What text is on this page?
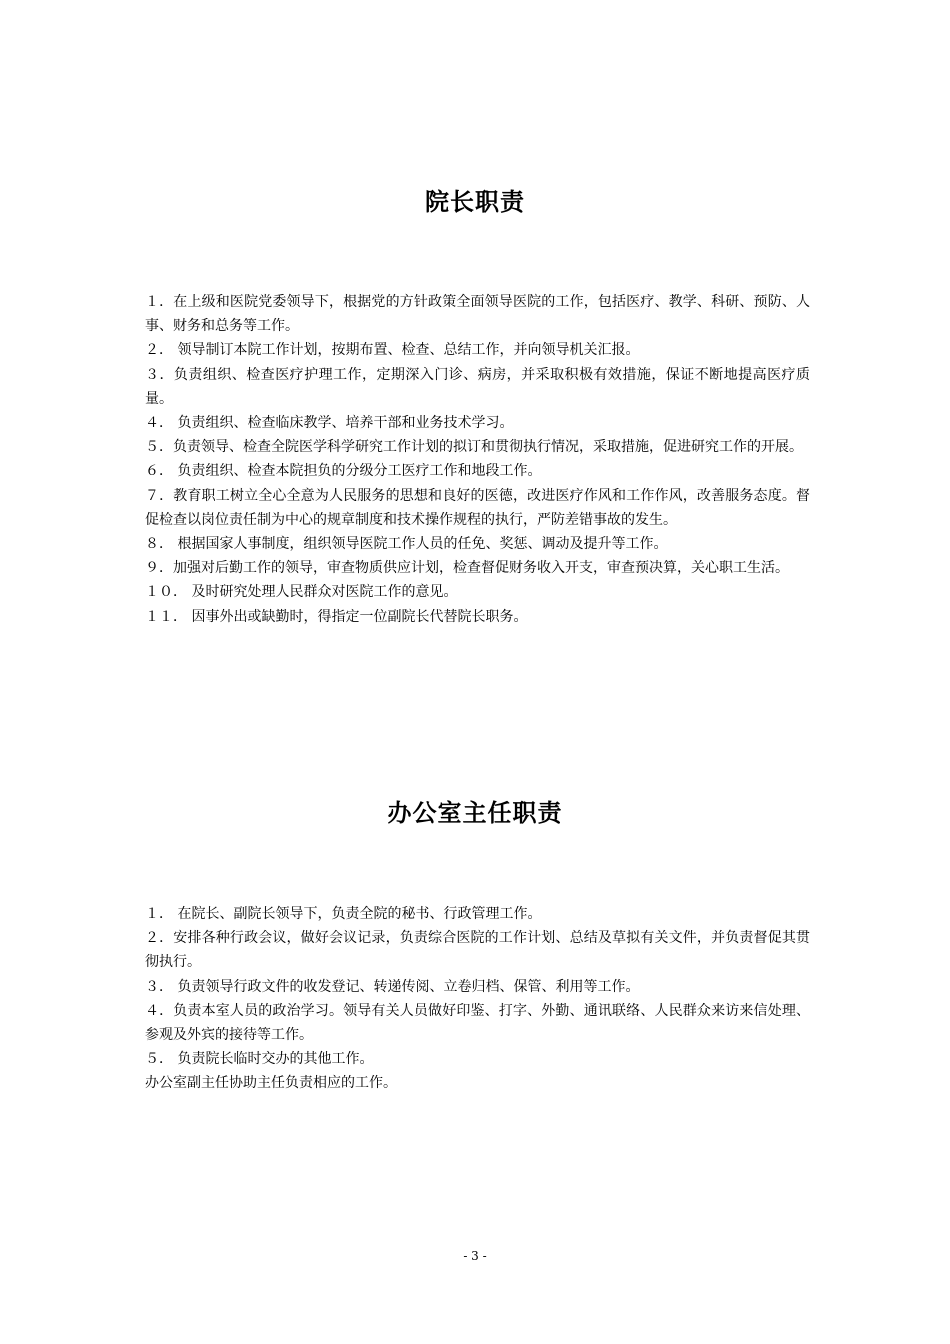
院长职责

１．在上级和医院党委领导下，根据党的方针政策全面领导医院的工作，包括医疗、教学、科研、预防、人事、财务和总务等工作。

２． 领导制订本院工作计划，按期布置、检查、总结工作，并向领导机关汇报。

３．负责组织、检查医疗护理工作，定期深入门诊、病房，并采取积极有效措施，保证不断地提高医疗质量。

４． 负责组织、检查临床教学、培养干部和业务技术学习。

５．负责领导、检查全院医学科学研究工作计划的拟订和贯彻执行情况，采取措施，促进研究工作的开展。

６． 负责组织、检查本院担负的分级分工医疗工作和地段工作。

７．教育职工树立全心全意为人民服务的思想和良好的医德，改进医疗作风和工作作风，改善服务态度。督促检查以岗位责任制为中心的规章制度和技术操作规程的执行，严防差错事故的发生。

８． 根据国家人事制度，组织领导医院工作人员的任免、奖惩、调动及提升等工作。

９．加强对后勤工作的领导，审查物质供应计划，检查督促财务收入开支，审查预决算，关心职工生活。

１０． 及时研究处理人民群众对医院工作的意见。

１１． 因事外出或缺勤时，得指定一位副院长代替院长职务。

办公室主任职责

１． 在院长、副院长领导下，负责全院的秘书、行政管理工作。

２．安排各种行政会议，做好会议记录，负责综合医院的工作计划、总结及草拟有关文件，并负责督促其贯彻执行。

３． 负责领导行政文件的收发登记、转递传阅、立卷归档、保管、利用等工作。

４．负责本室人员的政治学习。领导有关人员做好印鉴、打字、外勤、通讯联络、人民群众来访来信处理、参观及外宾的接待等工作。

５． 负责院长临时交办的其他工作。

办公室副主任协助主任负责相应的工作。

- 3 -
